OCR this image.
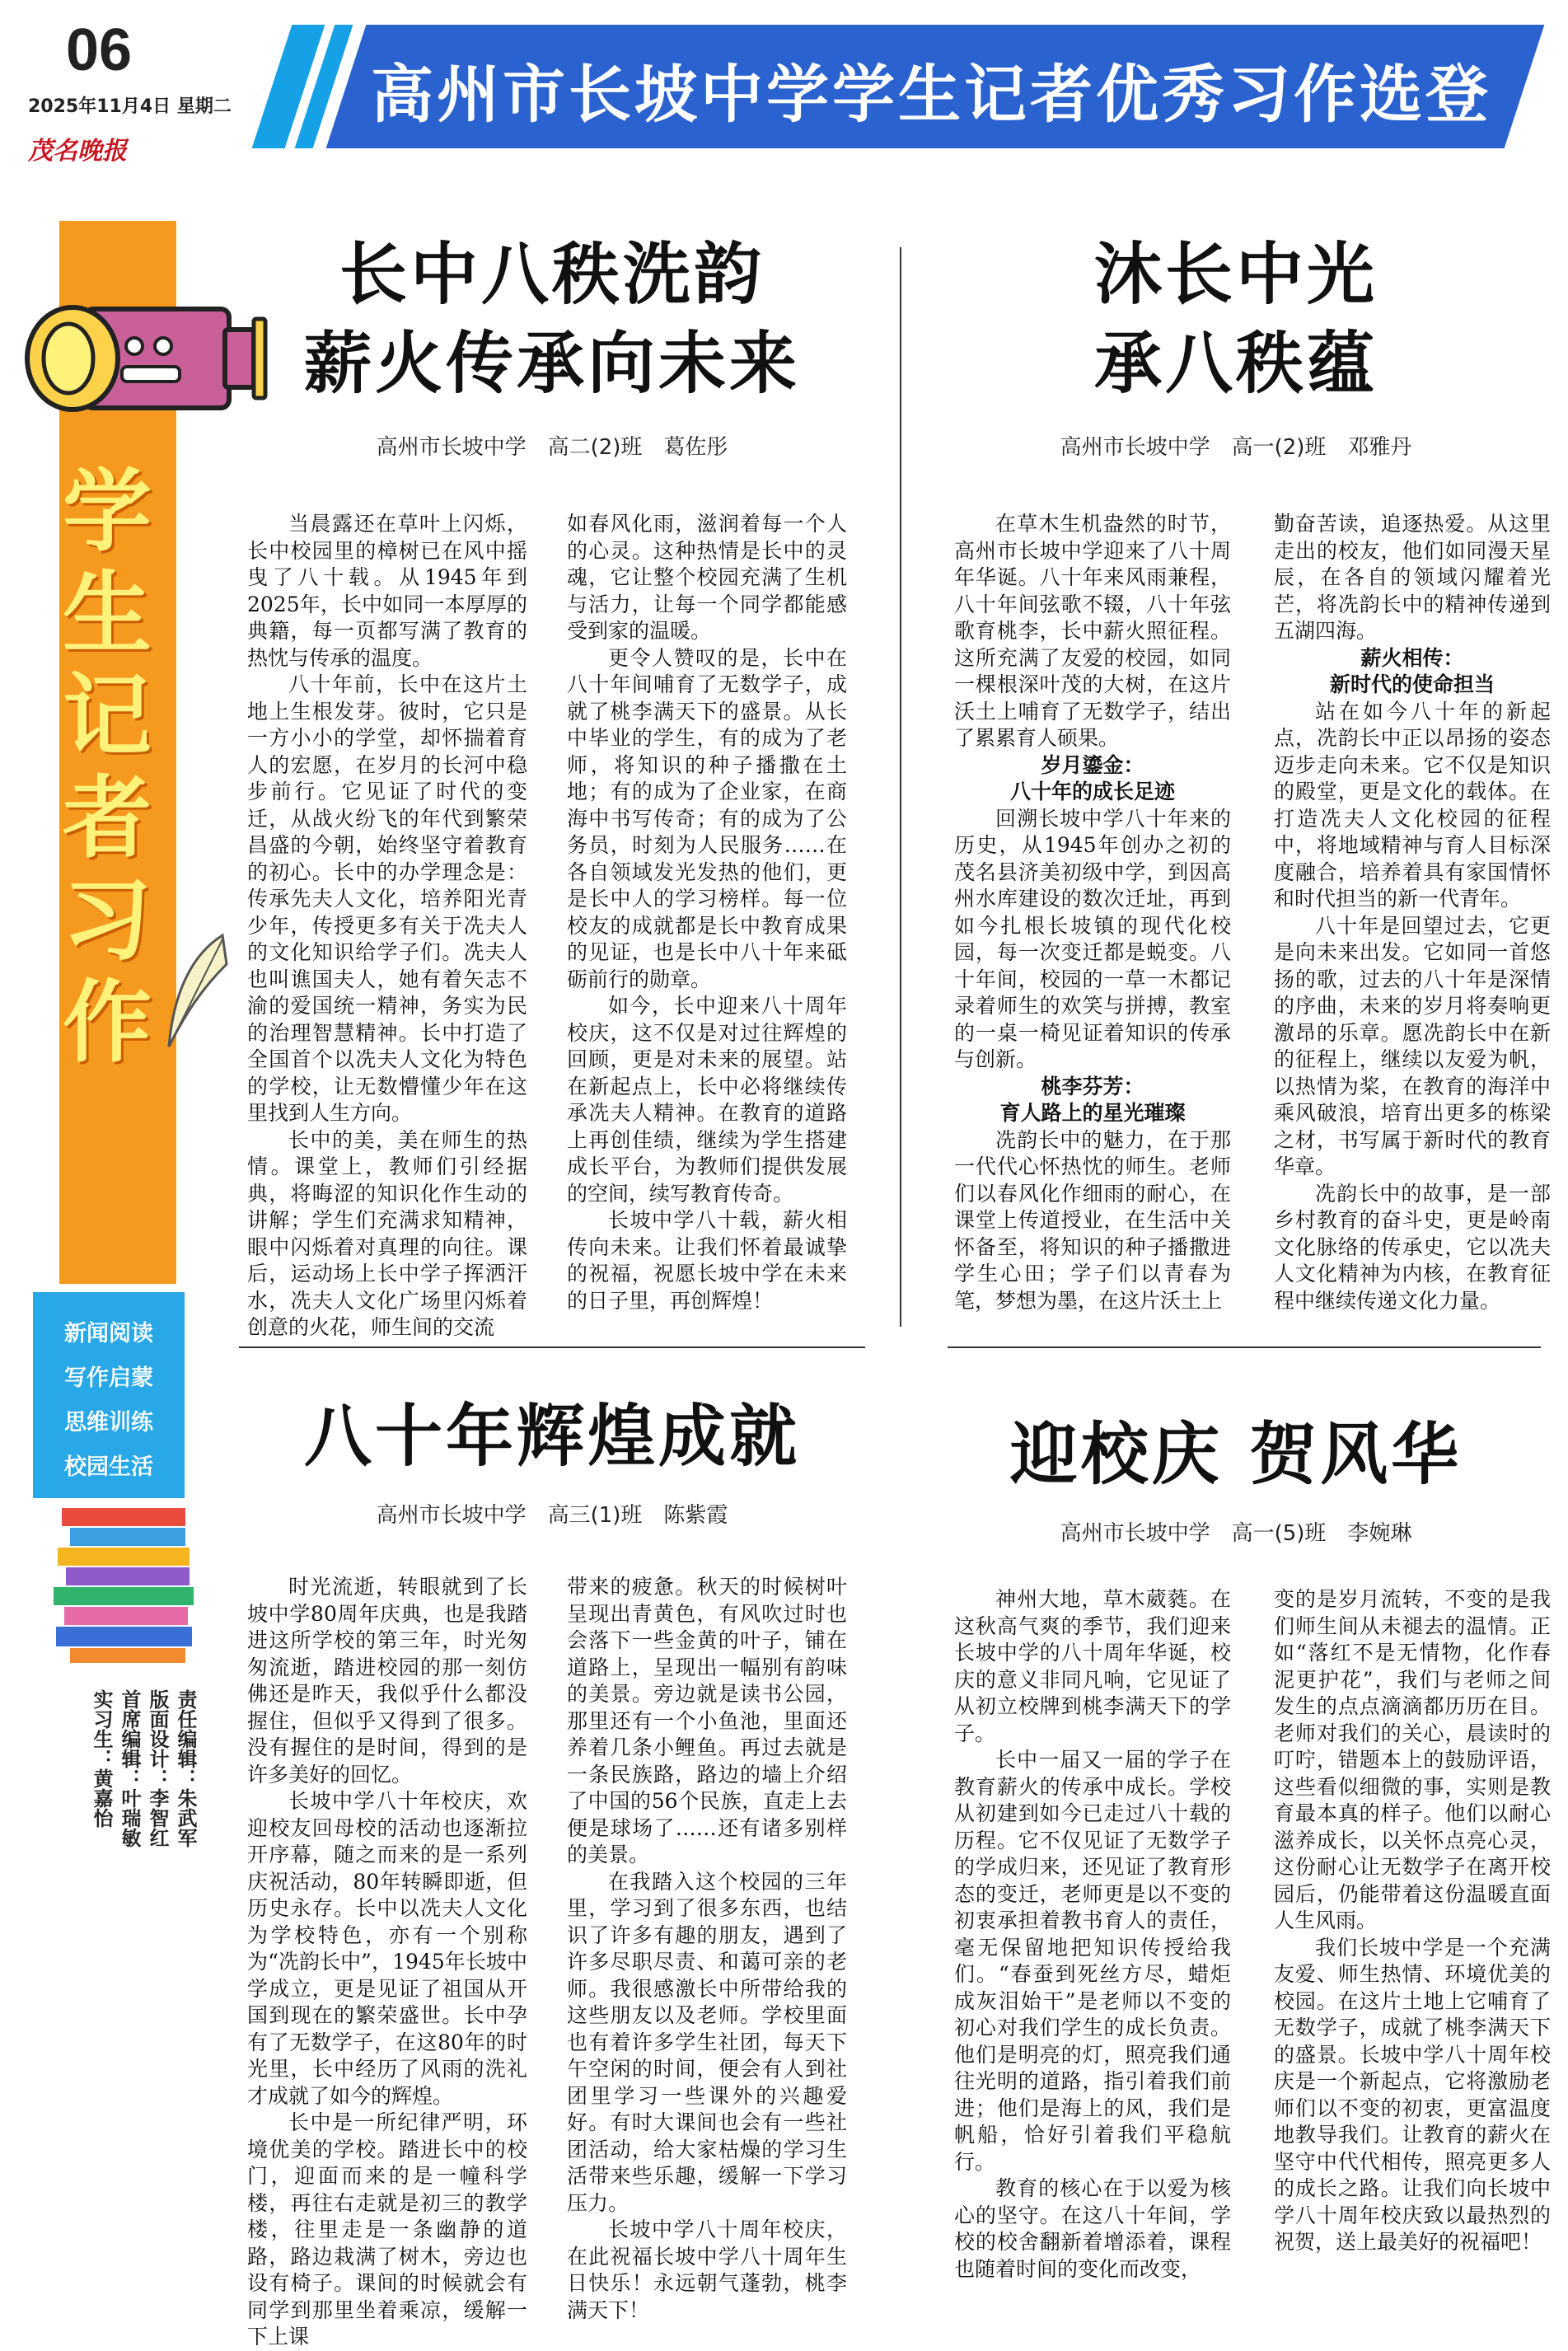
06
2025年11月4日 星期二
茂名晚报
高州市长坡中学学生记者优秀习作选登
学生记者习作
新闻阅读
写作启蒙
思维训练
校园生活
责任编辑：朱武军
版面设计：李智红
首席编辑：叶瑞敏
实习生：黄嘉怡
长中八秩洗韵
薪火传承向未来
高州市长坡中学　高二(2)班　葛佐彤

当晨露还在草叶上闪烁，长中校园里的樟树已在风中摇曳了八十载。从1945年到2025年，长中如同一本厚厚的典籍，每一页都写满了教育的热忱与传承的温度。

八十年前，长中在这片土地上生根发芽。彼时，它只是一方小小的学堂，却怀揣着育人的宏愿，在岁月的长河中稳步前行。它见证了时代的变迁，从战火纷飞的年代到繁荣昌盛的今朝，始终坚守着教育的初心。长中的办学理念是：传承先夫人文化，培养阳光青少年，传授更多有关于冼夫人的文化知识给学子们。冼夫人也叫谯国夫人，她有着矢志不渝的爱国统一精神，务实为民的治理智慧精神。长中打造了全国首个以冼夫人文化为特色的学校，让无数懵懂少年在这里找到人生方向。

长中的美，美在师生的热情。课堂上，教师们引经据典，将晦涩的知识化作生动的讲解；学生们充满求知精神，眼中闪烁着对真理的向往。课后，运动场上长中学子挥洒汗水，冼夫人文化广场里闪烁着创意的火花，师生间的交流

如春风化雨，滋润着每一个人的心灵。这种热情是长中的灵魂，它让整个校园充满了生机与活力，让每一个同学都能感受到家的温暖。

更令人赞叹的是，长中在八十年间哺育了无数学子，成就了桃李满天下的盛景。从长中毕业的学生，有的成为了老师，将知识的种子播撒在土地；有的成为了企业家，在商海中书写传奇；有的成为了公务员，时刻为人民服务……在各自领域发光发热的他们，更是长中人的学习榜样。每一位校友的成就都是长中教育成果的见证，也是长中八十年来砥砺前行的勋章。

如今，长中迎来八十周年校庆，这不仅是对过往辉煌的回顾，更是对未来的展望。站在新起点上，长中必将继续传承冼夫人精神。在教育的道路上再创佳绩，继续为学生搭建成长平台，为教师们提供发展的空间，续写教育传奇。

长坡中学八十载，薪火相传向未来。让我们怀着最诚挚的祝福，祝愿长坡中学在未来的日子里，再创辉煌！

沐长中光
承八秩蕴
高州市长坡中学　高一(2)班　邓雅丹

在草木生机盎然的时节，高州市长坡中学迎来了八十周年华诞。八十年来风雨兼程，八十年间弦歌不辍，八十年弦歌育桃李，长中薪火照征程。这所充满了友爱的校园，如同一棵根深叶茂的大树，在这片沃土上哺育了无数学子，结出了累累育人硕果。

岁月鎏金：

八十年的成长足迹

回溯长坡中学八十年来的历史，从1945年创办之初的茂名县济美初级中学，到因高州水库建设的数次迁址，再到如今扎根长坡镇的现代化校园，每一次变迁都是蜕变。八十年间，校园的一草一木都记录着师生的欢笑与拼搏，教室的一桌一椅见证着知识的传承与创新。

桃李芬芳：

育人路上的星光璀璨

冼韵长中的魅力，在于那一代代心怀热忱的师生。老师们以春风化作细雨的耐心，在课堂上传道授业，在生活中关怀备至，将知识的种子播撒进学生心田；学子们以青春为笔，梦想为墨，在这片沃土上

勤奋苦读，追逐热爱。从这里走出的校友，他们如同漫天星辰，在各自的领域闪耀着光芒，将冼韵长中的精神传递到五湖四海。

薪火相传：

新时代的使命担当

站在如今八十年的新起点，冼韵长中正以昂扬的姿态迈步走向未来。它不仅是知识的殿堂，更是文化的载体。在打造冼夫人文化校园的征程中，将地域精神与育人目标深度融合，培养着具有家国情怀和时代担当的新一代青年。

八十年是回望过去，它更是向未来出发。它如同一首悠扬的歌，过去的八十年是深情的序曲，未来的岁月将奏响更激昂的乐章。愿冼韵长中在新的征程上，继续以友爱为帆，以热情为桨，在教育的海洋中乘风破浪，培育出更多的栋梁之材，书写属于新时代的教育华章。

冼韵长中的故事，是一部乡村教育的奋斗史，更是岭南文化脉络的传承史，它以冼夫人文化精神为内核，在教育征程中继续传递文化力量。

八十年辉煌成就
高州市长坡中学　高三(1)班　陈紫霞

时光流逝，转眼就到了长坡中学80周年庆典，也是我踏进这所学校的第三年，时光匆匆流逝，踏进校园的那一刻仿佛还是昨天，我似乎什么都没握住，但似乎又得到了很多。没有握住的是时间，得到的是许多美好的回忆。

长坡中学八十年校庆，欢迎校友回母校的活动也逐渐拉开序幕，随之而来的是一系列庆祝活动，80年转瞬即逝，但历史永存。长中以冼夫人文化为学校特色，亦有一个别称为“冼韵长中”，1945年长坡中学成立，更是见证了祖国从开国到现在的繁荣盛世。长中孕有了无数学子，在这80年的时光里，长中经历了风雨的洗礼才成就了如今的辉煌。

长中是一所纪律严明，环境优美的学校。踏进长中的校门，迎面而来的是一幢科学楼，再往右走就是初三的教学楼，往里走是一条幽静的道路，路边栽满了树木，旁边也设有椅子。课间的时候就会有同学到那里坐着乘凉，缓解一下上课

带来的疲惫。秋天的时候树叶呈现出青黄色，有风吹过时也会落下一些金黄的叶子，铺在道路上，呈现出一幅别有韵味的美景。旁边就是读书公园，那里还有一个小鱼池，里面还养着几条小鲤鱼。再过去就是一条民族路，路边的墙上介绍了中国的56个民族，直走上去便是球场了……还有诸多别样的美景。

在我踏入这个校园的三年里，学习到了很多东西，也结识了许多有趣的朋友，遇到了许多尽职尽责、和蔼可亲的老师。我很感激长中所带给我的这些朋友以及老师。学校里面也有着许多学生社团，每天下午空闲的时间，便会有人到社团里学习一些课外的兴趣爱好。有时大课间也会有一些社团活动，给大家枯燥的学习生活带来些乐趣，缓解一下学习压力。

长坡中学八十周年校庆，在此祝福长坡中学八十周年生日快乐！永远朝气蓬勃，桃李满天下！

迎校庆 贺风华
高州市长坡中学　高一(5)班　李婉琳

神州大地，草木葳蕤。在这秋高气爽的季节，我们迎来长坡中学的八十周年华诞，校庆的意义非同凡响，它见证了从初立校牌到桃李满天下的学子。

长中一届又一届的学子在教育薪火的传承中成长。学校从初建到如今已走过八十载的历程。它不仅见证了无数学子的学成归来，还见证了教育形态的变迁，老师更是以不变的初衷承担着教书育人的责任，毫无保留地把知识传授给我们。“春蚕到死丝方尽，蜡炬成灰泪始干”是老师以不变的初心对我们学生的成长负责。他们是明亮的灯，照亮我们通往光明的道路，指引着我们前进；他们是海上的风，我们是帆船，恰好引着我们平稳航行。

教育的核心在于以爱为核心的坚守。在这八十年间，学校的校舍翻新着增添着，课程也随着时间的变化而改变，

变的是岁月流转，不变的是我们师生间从未褪去的温情。正如“落红不是无情物，化作春泥更护花”，我们与老师之间发生的点点滴滴都历历在目。老师对我们的关心，晨读时的叮咛，错题本上的鼓励评语，这些看似细微的事，实则是教育最本真的样子。他们以耐心滋养成长，以关怀点亮心灵，这份耐心让无数学子在离开校园后，仍能带着这份温暖直面人生风雨。

我们长坡中学是一个充满友爱、师生热情、环境优美的校园。在这片土地上它哺育了无数学子，成就了桃李满天下的盛景。长坡中学八十周年校庆是一个新起点，它将激励老师们以不变的初衷，更富温度地教导我们。让教育的薪火在坚守中代代相传，照亮更多人的成长之路。让我们向长坡中学八十周年校庆致以最热烈的祝贺，送上最美好的祝福吧！
